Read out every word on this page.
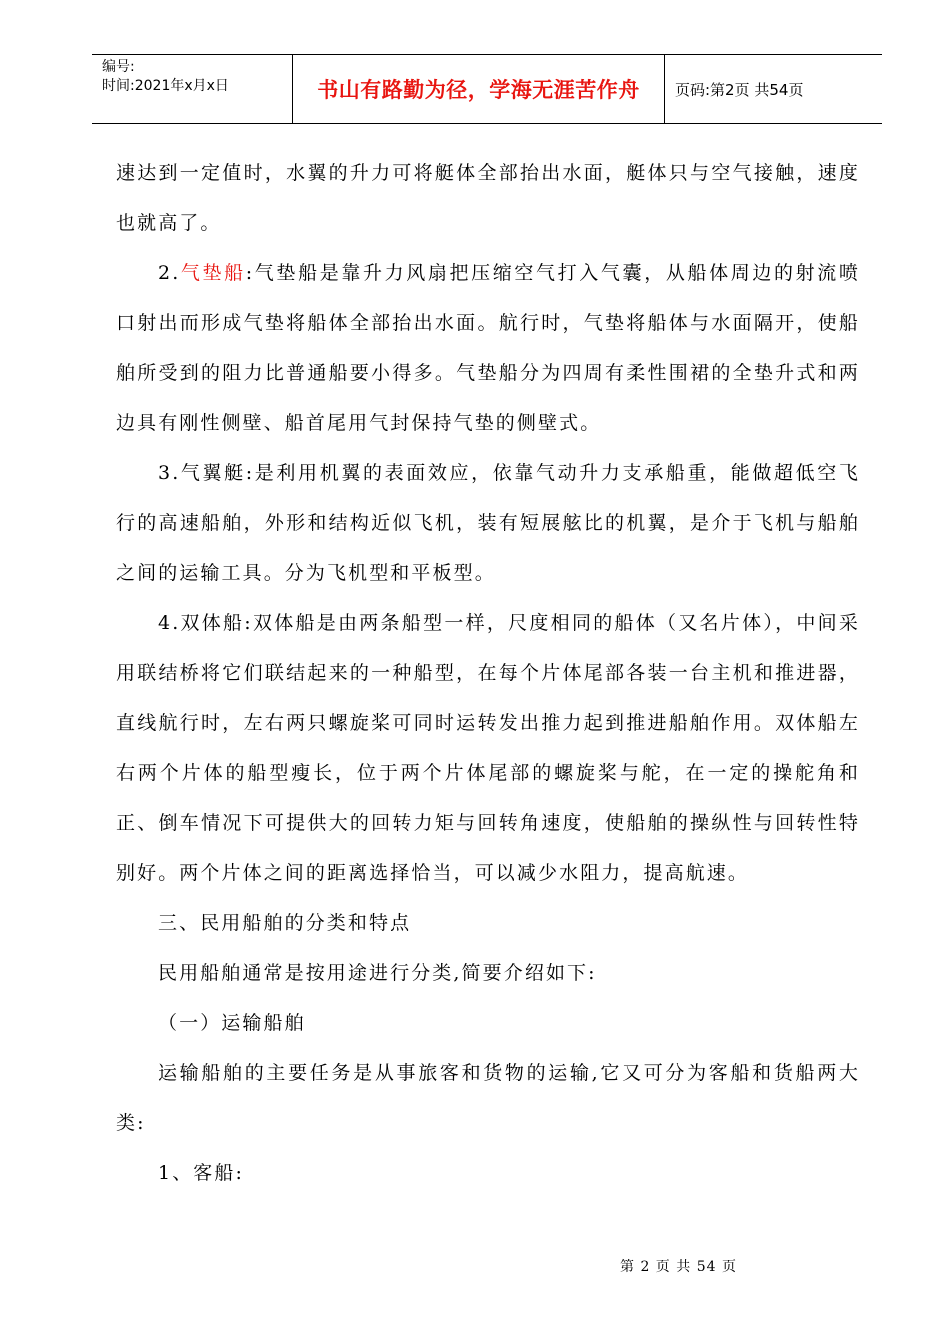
编号:
时间:2021年x月x日	书山有路勤为径，学海无涯苦作舟	页码:第2页 共54页

速达到一定值时，水翼的升力可将艇体全部抬出水面，艇体只与空气接触，速度也就高了。

2.气垫船:气垫船是靠升力风扇把压缩空气打入气囊，从船体周边的射流喷口射出而形成气垫将船体全部抬出水面。航行时，气垫将船体与水面隔开，使船舶所受到的阻力比普通船要小得多。气垫船分为四周有柔性围裙的全垫升式和两边具有刚性侧壁、船首尾用气封保持气垫的侧壁式。

3.气翼艇:是利用机翼的表面效应，依靠气动升力支承船重，能做超低空飞行的高速船舶，外形和结构近似飞机，装有短展舷比的机翼，是介于飞机与船舶之间的运输工具。分为飞机型和平板型。

4.双体船:双体船是由两条船型一样，尺度相同的船体（又名片体），中间采用联结桥将它们联结起来的一种船型，在每个片体尾部各装一台主机和推进器，直线航行时，左右两只螺旋桨可同时运转发出推力起到推进船舶作用。双体船左右两个片体的船型瘦长，位于两个片体尾部的螺旋桨与舵，在一定的操舵角和正、倒车情况下可提供大的回转力矩与回转角速度，使船舶的操纵性与回转性特别好。两个片体之间的距离选择恰当，可以减少水阻力，提高航速。

三、民用船舶的分类和特点

民用船舶通常是按用途进行分类,简要介绍如下:

（一）运输船舶

运输船舶的主要任务是从事旅客和货物的运输,它又可分为客船和货船两大类:

1、客船:

第 2 页 共 54 页
